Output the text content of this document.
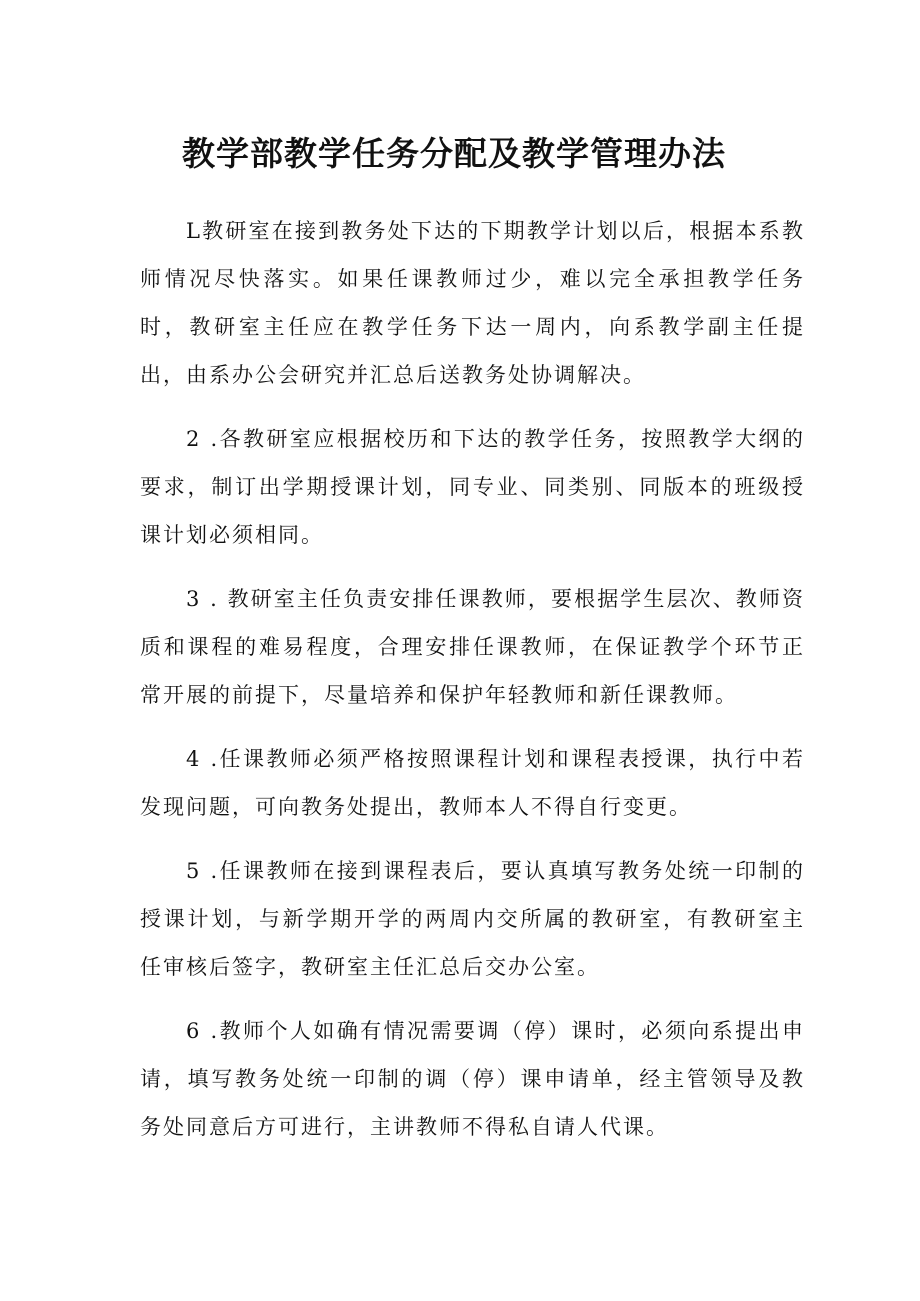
教学部教学任务分配及教学管理办法

L教研室在接到教务处下达的下期教学计划以后，根据本系教师情况尽快落实。如果任课教师过少，难以完全承担教学任务时，教研室主任应在教学任务下达一周内，向系教学副主任提出，由系办公会研究并汇总后送教务处协调解决。

2 .各教研室应根据校历和下达的教学任务，按照教学大纲的要求，制订出学期授课计划，同专业、同类别、同版本的班级授课计划必须相同。

3 . 教研室主任负责安排任课教师，要根据学生层次、教师资质和课程的难易程度，合理安排任课教师，在保证教学个环节正常开展的前提下，尽量培养和保护年轻教师和新任课教师。

4 .任课教师必须严格按照课程计划和课程表授课，执行中若发现问题，可向教务处提出，教师本人不得自行变更。

5 .任课教师在接到课程表后，要认真填写教务处统一印制的授课计划，与新学期开学的两周内交所属的教研室，有教研室主任审核后签字，教研室主任汇总后交办公室。

6 .教师个人如确有情况需要调（停）课时，必须向系提出申请，填写教务处统一印制的调（停）课申请单，经主管领导及教务处同意后方可进行，主讲教师不得私自请人代课。
